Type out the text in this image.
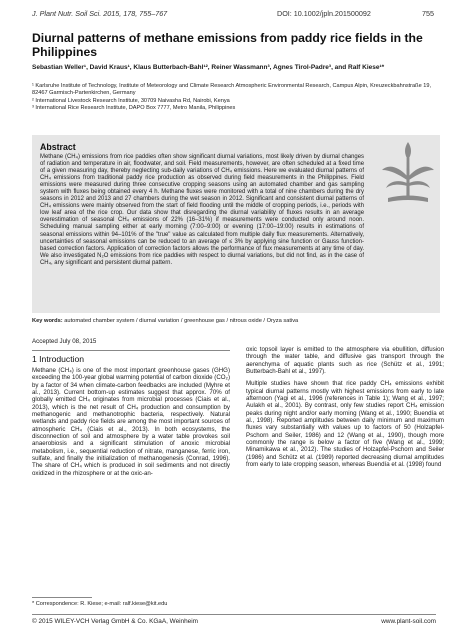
J. Plant Nutr. Soil Sci. 2015, 178, 755–767	DOI: 10.1002/jpln.201500092	755
Diurnal patterns of methane emissions from paddy rice fields in the Philippines

Sebastian Weller¹, David Kraus¹, Klaus Butterbach-Bahl¹², Reiner Wassmann³, Agnes Tirol-Padre³, and Ralf Kiese¹*

¹ Karlsruhe Institute of Technology, Institute of Meteorology and Climate Research Atmospheric Environmental Research, Campus Alpin, Kreuzeckbahnstraße 19, 82467 Garmisch-Partenkirchen, Germany
² International Livestock Research Institute, 30709 Naivasha Rd, Nairobi, Kenya
³ International Rice Research Institute, DAPO Box 7777, Metro Manila, Philippines
Abstract

Methane (CH₄) emissions from rice paddies often show significant diurnal variations, most likely driven by diurnal changes of radiation and temperature in air, floodwater, and soil. Field measurements, however, are often scheduled at a fixed time of a given measuring day, thereby neglecting sub-daily variations of CH₄ emissions. Here we evaluated diurnal patterns of CH₄ emissions from traditional paddy rice production as observed during field measurements in the Philippines. Field emissions were measured during three consecutive cropping seasons using an automated chamber and gas sampling system with fluxes being obtained every 4 h. Methane fluxes were monitored with a total of nine chambers during the dry seasons in 2012 and 2013 and 27 chambers during the wet season in 2012. Significant and consistent diurnal patterns of CH₄ emissions were mainly observed from the start of field flooding until the middle of cropping periods, i.e., periods with low leaf area of the rice crop. Our data show that disregarding the diurnal variability of fluxes results in an average overestimation of seasonal CH₄ emissions of 22% (16–31%) if measurements were conducted only around noon. Scheduling manual sampling either at early morning (7:00–9:00) or evening (17:00–19:00) results in estimations of seasonal emissions within 94–101% of the "true" value as calculated from multiple daily flux measurements. Alternatively, uncertainties of seasonal emissions can be reduced to an average of ≤ 3% by applying sine function or Gauss function-based correction factors. Application of correction factors allows the performance of flux measurements at any time of day. We also investigated N₂O emissions from rice paddies with respect to diurnal variations, but did not find, as in the case of CH₄, any significant and persistent diurnal pattern.

Key words: automated chamber system / diurnal variation / greenhouse gas / nitrous oxide / Oryza sativa

Accepted July 08, 2015

1 Introduction

Methane (CH₄) is one of the most important greenhouse gases (GHG) exceeding the 100-year global warming potential of carbon dioxide (CO₂) by a factor of 34 when climate-carbon feedbacks are included (Myhre et al., 2013). Current bottom-up estimates suggest that approx. 70% of globally emitted CH₄ originates from microbial processes (Ciais et al., 2013), which is the net result of CH₄ production and consumption by methanogenic and methanotrophic bacteria, respectively. Natural wetlands and paddy rice fields are among the most important sources of atmospheric CH₄ (Ciais et al., 2013). In both ecosystems, the disconnection of soil and atmosphere by a water table provokes soil anaerobiosis and a significant stimulation of anoxic microbial metabolism, i.e., sequential reduction of nitrate, manganese, ferric iron, sulfate, and finally the initialization of methanogenesis (Conrad, 1996). The share of CH₄ which is produced in soil sediments and not directly oxidized in the rhizosphere or at the oxic-an-

oxic topsoil layer is emitted to the atmosphere via ebullition, diffusion through the water table, and diffusive gas transport through the aerenchyma of aquatic plants such as rice (Schütz et al., 1991; Butterbach-Bahl et al., 1997).

Multiple studies have shown that rice paddy CH₄ emissions exhibit typical diurnal patterns mostly with highest emissions from early to late afternoon (Yagi et al., 1996 (references in Table 1); Wang et al., 1997; Aulakh et al., 2001). By contrast, only few studies report CH₄ emission peaks during night and/or early morning (Wang et al., 1990; Buendía et al., 1998). Reported amplitudes between daily minimum and maximum fluxes vary substantially with values up to factors of 50 (Holzapfel-Pschorn and Seiler, 1986) and 12 (Wang et al., 1990), though more commonly the range is below a factor of five (Wang et al., 1999; Minamikawa et al., 2012). The studies of Holzapfel-Pschorn and Seiler (1986) and Schütz et al. (1989) reported decreasing diurnal amplitudes from early to late cropping season, whereas Buendía et al. (1998) found

* Correspondence: R. Kiese; e-mail: ralf.kiese@kit.edu

© 2015 WILEY-VCH Verlag GmbH & Co. KGaA, Weinheim	www.plant-soil.com
